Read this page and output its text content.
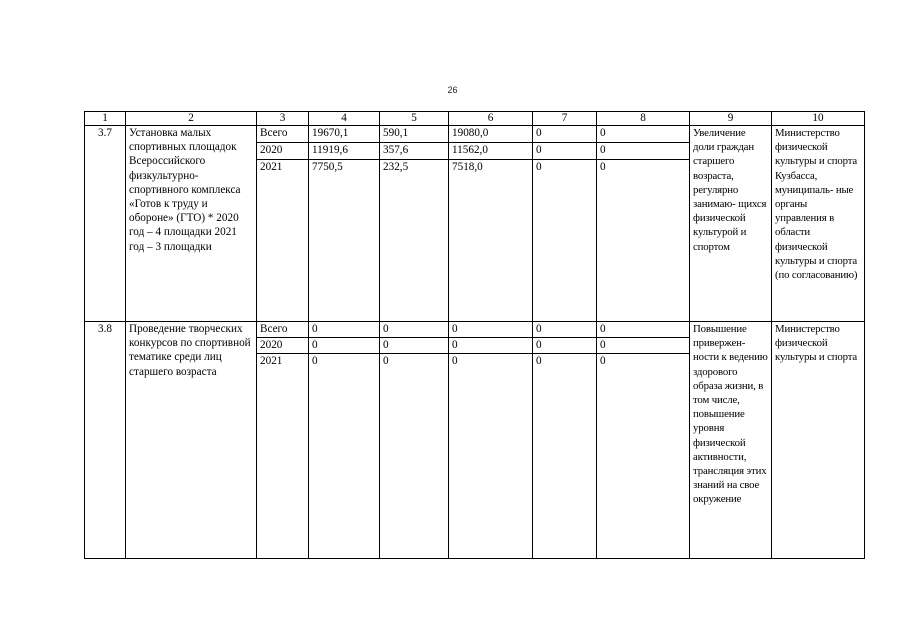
26
1	2	3	4	5	6	7	8	9	10
3.7	Установка малых спортивных площадок Всероссийского физкультурно- спортивного комплекса «Готов к труду и обороне» (ГТО) * 2020 год – 4 площадки 2021 год – 3 площадки	Всего	19670,1	590,1	19080,0	0	0	Увеличение доли граждан старшего возраста, регулярно занимаю- щихся физической культурой и спортом	Министерство физической культуры и спорта Кузбасса, муниципаль- ные органы управления в области физической культуры и спорта (по согласованию)
		2020	11919,6	357,6	11562,0	0	0		
		2021	7750,5	232,5	7518,0	0	0		
3.8	Проведение творческих конкурсов по спортивной тематике среди лиц старшего возраста	Всего	0	0	0	0	0	Повышение привержен- ности к ведению здорового образа жизни, в том числе, повышение уровня физической активности, трансляция этих знаний на свое окружение	Министерство физической культуры и спорта
		2020	0	0	0	0	0		
		2021	0	0	0	0	0		
